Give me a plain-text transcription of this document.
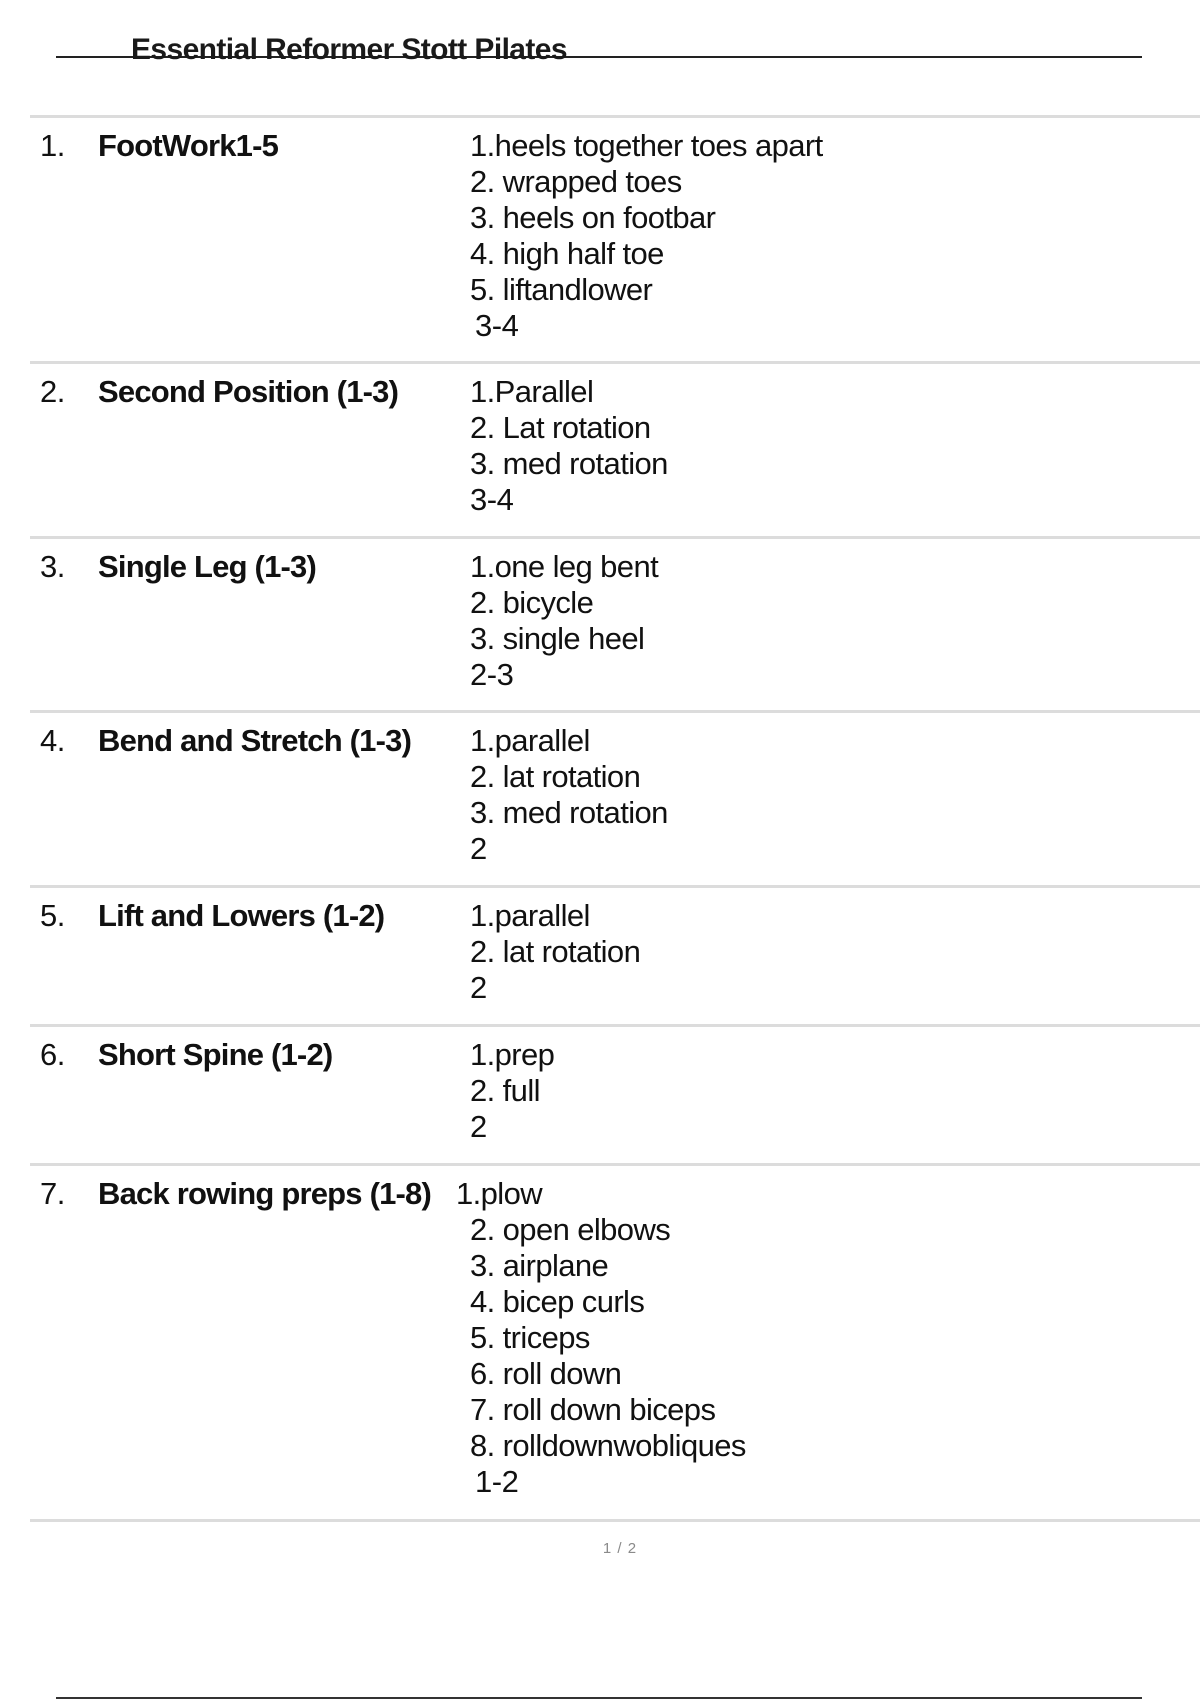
Essential Reformer Stott Pilates
1. FootWork1-5	1.heels together toes apart
2. wrapped toes
3. heels on footbar
4. high half toe
5. liftandlower
3-4
2. Second Position (1-3) 1.Parallel
2. Lat rotation
3. med rotation
3-4
3. Single Leg (1-3)	1.one leg bent
2. bicycle
3. single heel
2-3
4. Bend and Stretch (1-3) 1.parallel
2. lat rotation
3. med rotation
2
5. Lift and Lowers (1-2)	1.parallel
2. lat rotation
2
6. Short Spine (1-2)	1.prep
2. full
2
7. Back rowing preps (1-8) 1.plow
2. open elbows
3. airplane
4. bicep curls
5. triceps
6. roll down
7. roll down biceps
8. rolldownwobliques
1-2
1 / 2
